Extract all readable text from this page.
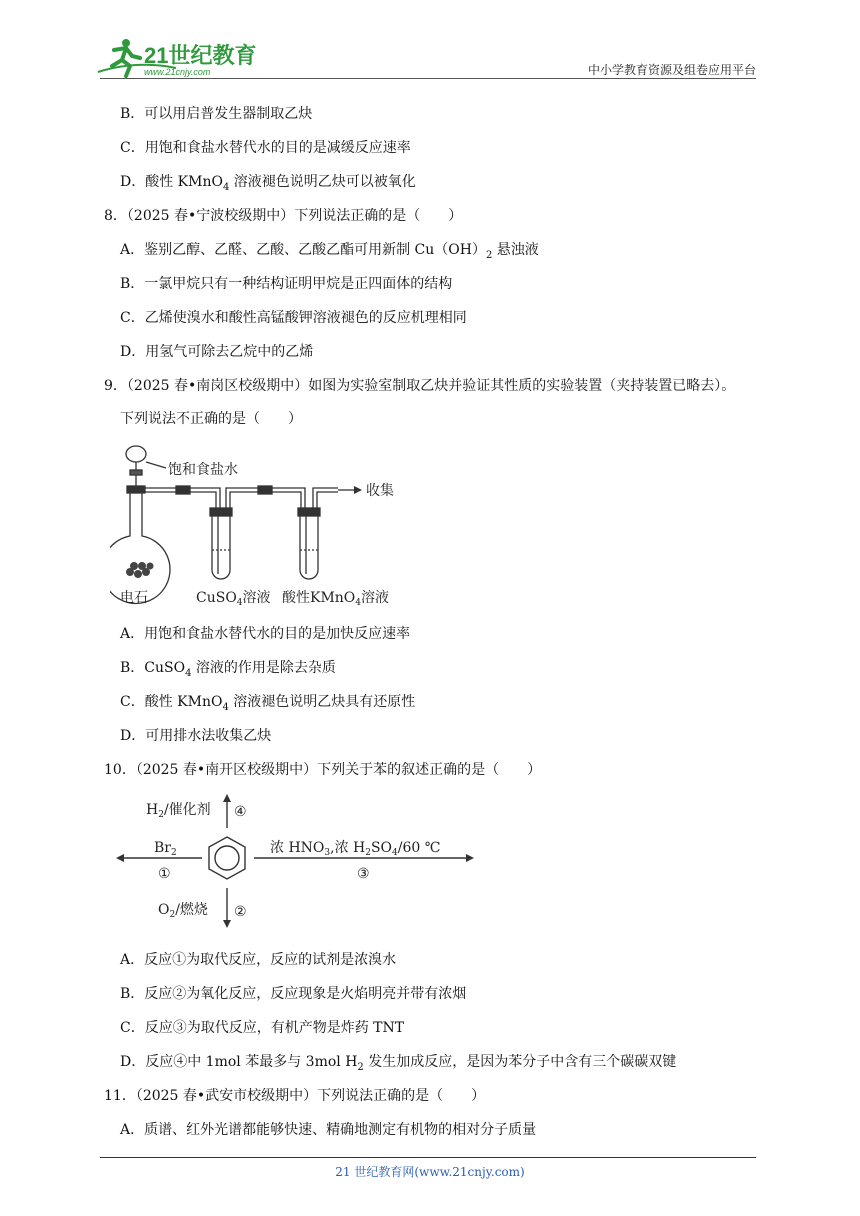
21世纪教育
www.21cnjy.com	中小学教育资源及组卷应用平台
B．可以用启普发生器制取乙炔
C．用饱和食盐水替代水的目的是减缓反应速率
D．酸性 KMnO$_4$ 溶液褪色说明乙炔可以被氧化
8．（2025 春•宁波校级期中）下列说法正确的是（　　）
A．鉴别乙醇、乙醛、乙酸、乙酸乙酯可用新制 $Cu(OH)_2$ 悬浊液
B．一氯甲烷只有一种结构证明甲烷是正四面体的结构
C．乙烯使溴水和酸性高锰酸钾溶液褪色的反应机理相同
D．用氢气可除去乙烷中的乙烯
9．（2025 春•南岗区校级期中）如图为实验室制取乙炔并验证其性质的实验装置（夹持装置已略去）。
下列说法不正确的是（　　）
饱和食盐水
收集
电石	CuSO$_4$溶液 酸性KMnO$_4$溶液
A．用饱和食盐水替代水的目的是加快反应速率
B．CuSO$_4$ 溶液的作用是除去杂质
C．酸性 KMnO$_4$ 溶液褪色说明乙炔具有还原性
D．可用排水法收集乙炔
10．（2025 春•南开区校级期中）下列关于苯的叙述正确的是（　　）
$H_2/$催化剂 ④
$Br_2$
①
浓 $HNO_3$,浓 $H_2SO_4/60$ ℃
③
$O_2/$燃烧 ②
A．反应①为取代反应，反应的试剂是浓溴水
B．反应②为氧化反应，反应现象是火焰明亮并带有浓烟
C．反应③为取代反应，有机产物是炸药 TNT
D．反应④中 1mol 苯最多与 3mol $H_2$ 发生加成反应，是因为苯分子中含有三个碳碳双键
11．（2025 春•武安市校级期中）下列说法正确的是（　　）
A．质谱、红外光谱都能够快速、精确地测定有机物的相对分子质量
21 世纪教育网(www.21cnjy.com)
